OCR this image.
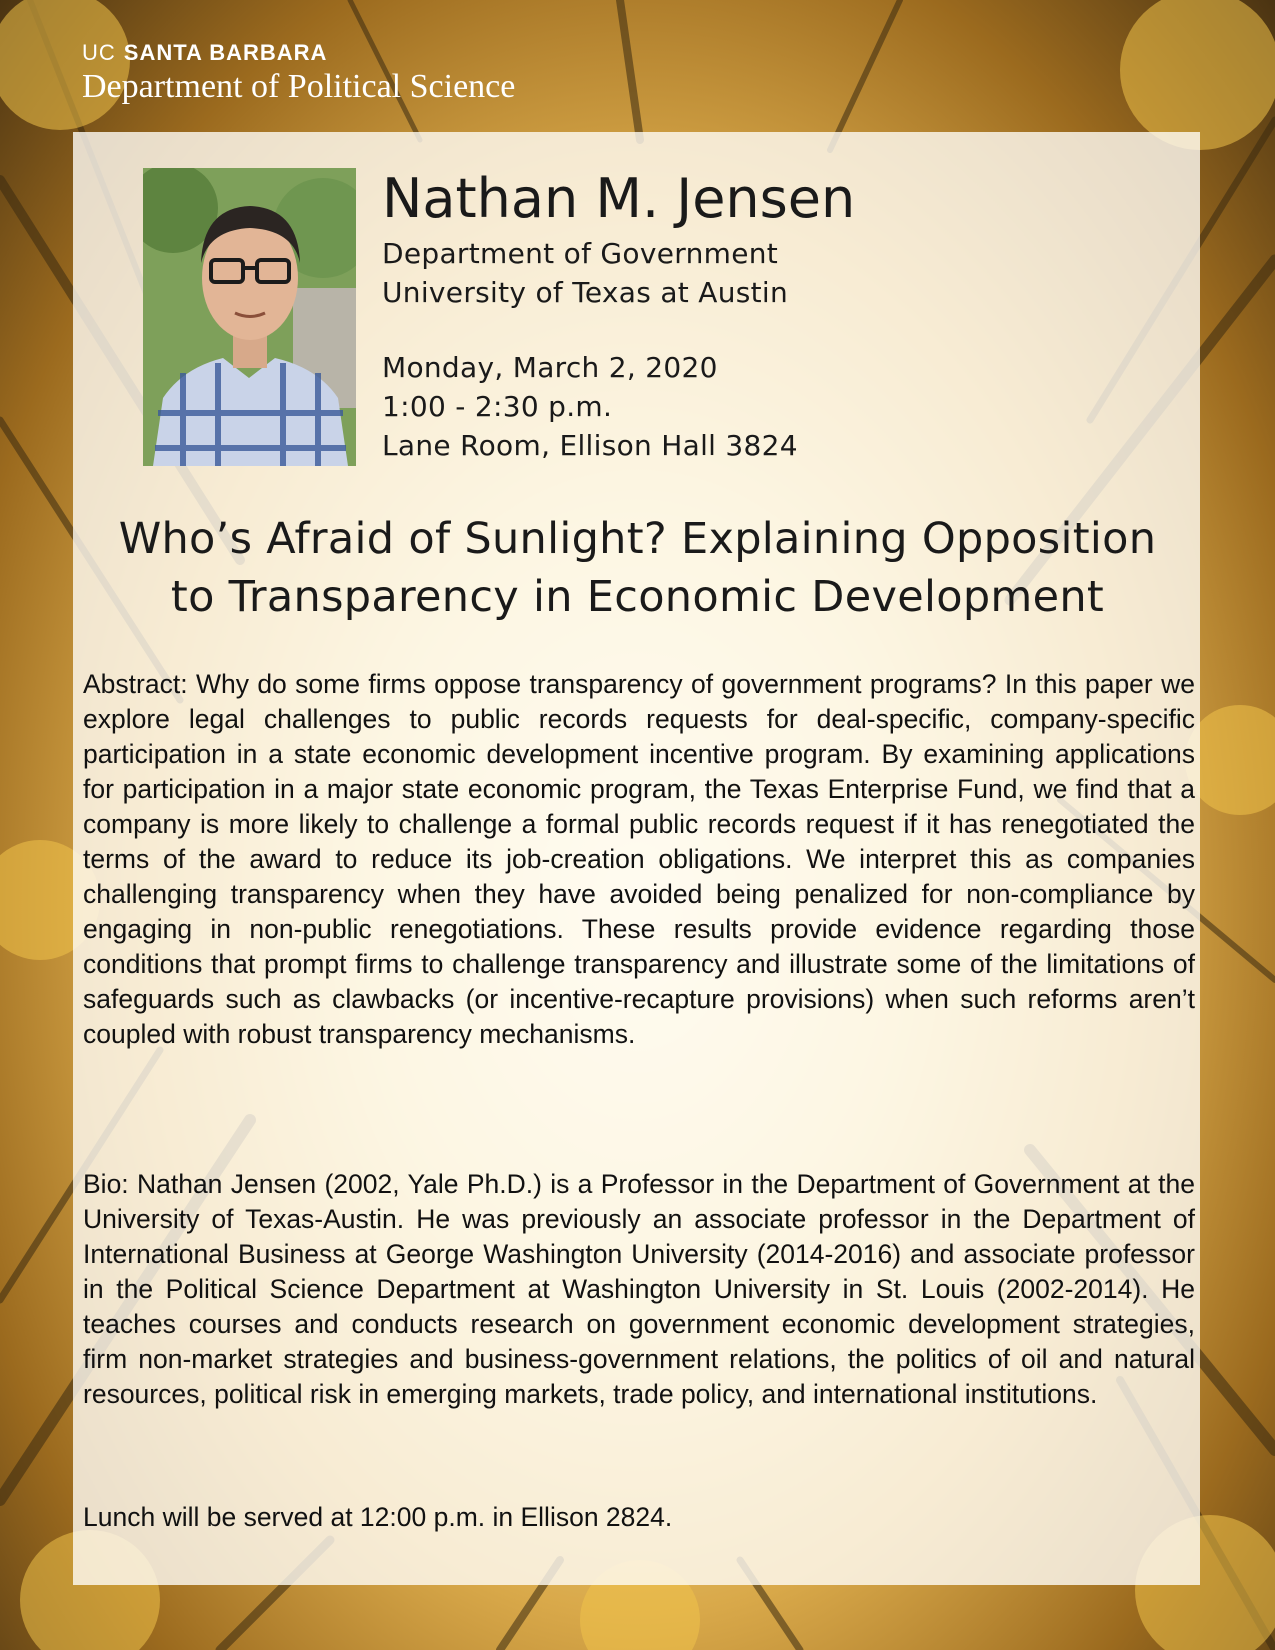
UC SANTA BARBARA
Department of Political Science
Nathan M. Jensen
Department of Government
University of Texas at Austin
Monday, March 2, 2020
1:00 - 2:30 p.m.
Lane Room, Ellison Hall 3824
Who’s Afraid of Sunlight? Explaining Opposition
to Transparency in Economic Development
Abstract: Why do some firms oppose transparency of government programs? In this paper we explore legal challenges to public records requests for deal-specific, company-specific participation in a state economic development incentive program. By examining applications for participation in a major state economic program, the Texas Enterprise Fund, we find that a company is more likely to challenge a formal public records request if it has renegotiated the terms of the award to reduce its job-creation obligations. We interpret this as companies challenging transparency when they have avoided being penalized for non-compliance by engaging in non-public renegotiations. These results provide evidence regarding those conditions that prompt firms to challenge transparency and illustrate some of the limitations of safeguards such as clawbacks (or incentive-recapture provisions) when such reforms aren’t coupled with robust transparency mechanisms.
Bio: Nathan Jensen (2002, Yale Ph.D.) is a Professor in the Department of Government at the University of Texas-Austin. He was previously an associate professor in the Department of International Business at George Washington University (2014-2016) and associate professor in the Political Science Department at Washington University in St. Louis (2002-2014). He teaches courses and conducts research on government economic development strategies, firm non-market strategies and business-government relations, the politics of oil and natural resources, political risk in emerging markets, trade policy, and international institutions.
Lunch will be served at 12:00 p.m. in Ellison 2824.
